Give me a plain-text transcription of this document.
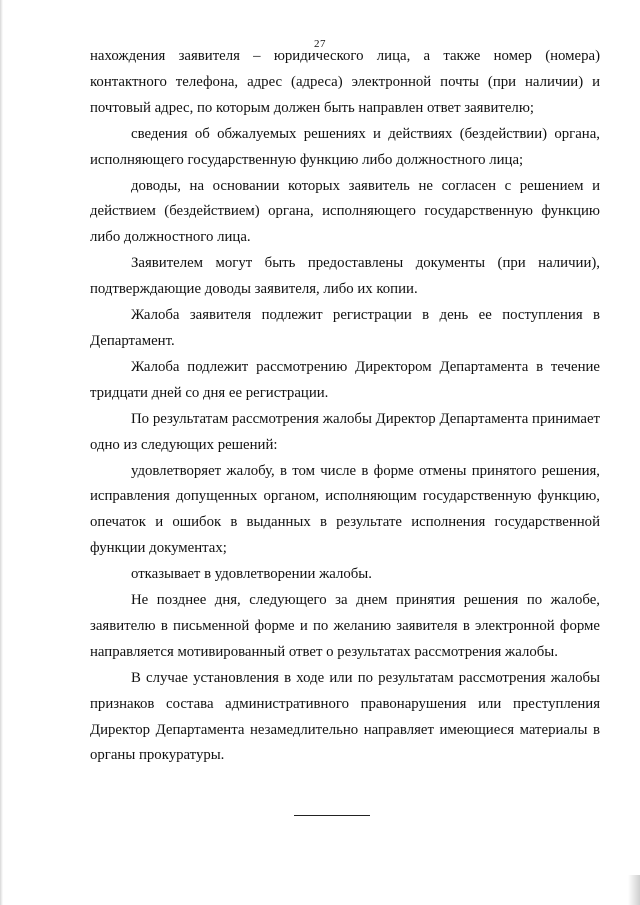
27

нахождения заявителя – юридического лица, а также номер (номера) контактного телефона, адрес (адреса) электронной почты (при наличии) и почтовый адрес, по которым должен быть направлен ответ заявителю;

сведения об обжалуемых решениях и действиях (бездействии) органа, исполняющего государственную функцию либо должностного лица;

доводы, на основании которых заявитель не согласен с решением и действием (бездействием) органа, исполняющего государственную функцию либо должностного лица.

Заявителем могут быть предоставлены документы (при наличии), подтверждающие доводы заявителя, либо их копии.

Жалоба заявителя подлежит регистрации в день ее поступления в Департамент.

Жалоба подлежит рассмотрению Директором Департамента в течение тридцати дней со дня ее регистрации.

По результатам рассмотрения жалобы Директор Департамента принимает одно из следующих решений:

удовлетворяет жалобу, в том числе в форме отмены принятого решения, исправления допущенных органом, исполняющим государственную функцию, опечаток и ошибок в выданных в результате исполнения государственной функции документах;

отказывает в удовлетворении жалобы.

Не позднее дня, следующего за днем принятия решения по жалобе, заявителю в письменной форме и по желанию заявителя в электронной форме направляется мотивированный ответ о результатах рассмотрения жалобы.

В случае установления в ходе или по результатам рассмотрения жалобы признаков состава административного правонарушения или преступления Директор Департамента незамедлительно направляет имеющиеся материалы в органы прокуратуры.
